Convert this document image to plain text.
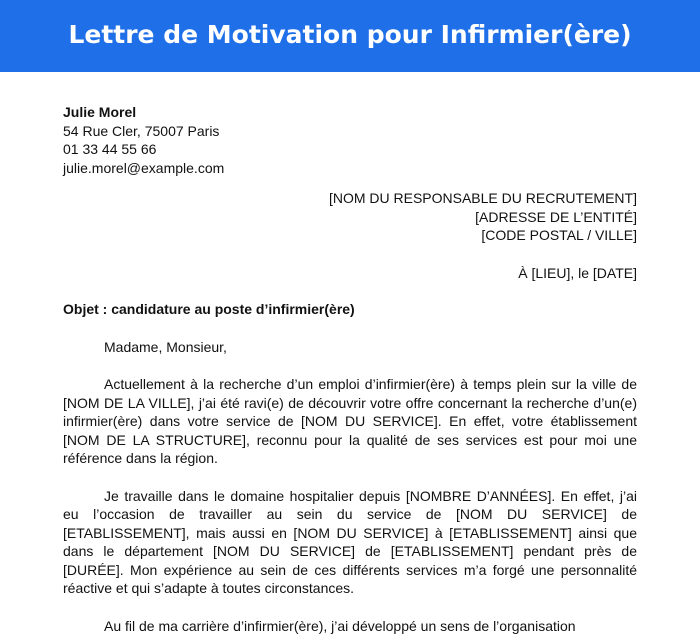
Lettre de Motivation pour Infirmier(ère)
Julie Morel
54 Rue Cler, 75007 Paris
01 33 44 55 66
julie.morel@example.com
[NOM DU RESPONSABLE DU RECRUTEMENT]
[ADRESSE DE L’ENTITÉ]
[CODE POSTAL / VILLE]
À [LIEU], le [DATE]
Objet : candidature au poste d’infirmier(ère)
Madame, Monsieur,
Actuellement à la recherche d’un emploi d’infirmier(ère) à temps plein sur la ville de [NOM DE LA VILLE], j’ai été ravi(e) de découvrir votre offre concernant la recherche d’un(e) infirmier(ère) dans votre service de [NOM DU SERVICE]. En effet, votre établissement [NOM DE LA STRUCTURE], reconnu pour la qualité de ses services est pour moi une référence dans la région.
Je travaille dans le domaine hospitalier depuis [NOMBRE D’ANNÉES]. En effet, j’ai eu l’occasion de travailler au sein du service de [NOM DU SERVICE] de [ETABLISSEMENT], mais aussi en [NOM DU SERVICE] à [ETABLISSEMENT] ainsi que dans le département [NOM DU SERVICE] de [ETABLISSEMENT] pendant près de [DURÉE]. Mon expérience au sein de ces différents services m’a forgé une personnalité réactive et qui s’adapte à toutes circonstances.
Au fil de ma carrière d’infirmier(ère), j’ai développé un sens de l’organisation
